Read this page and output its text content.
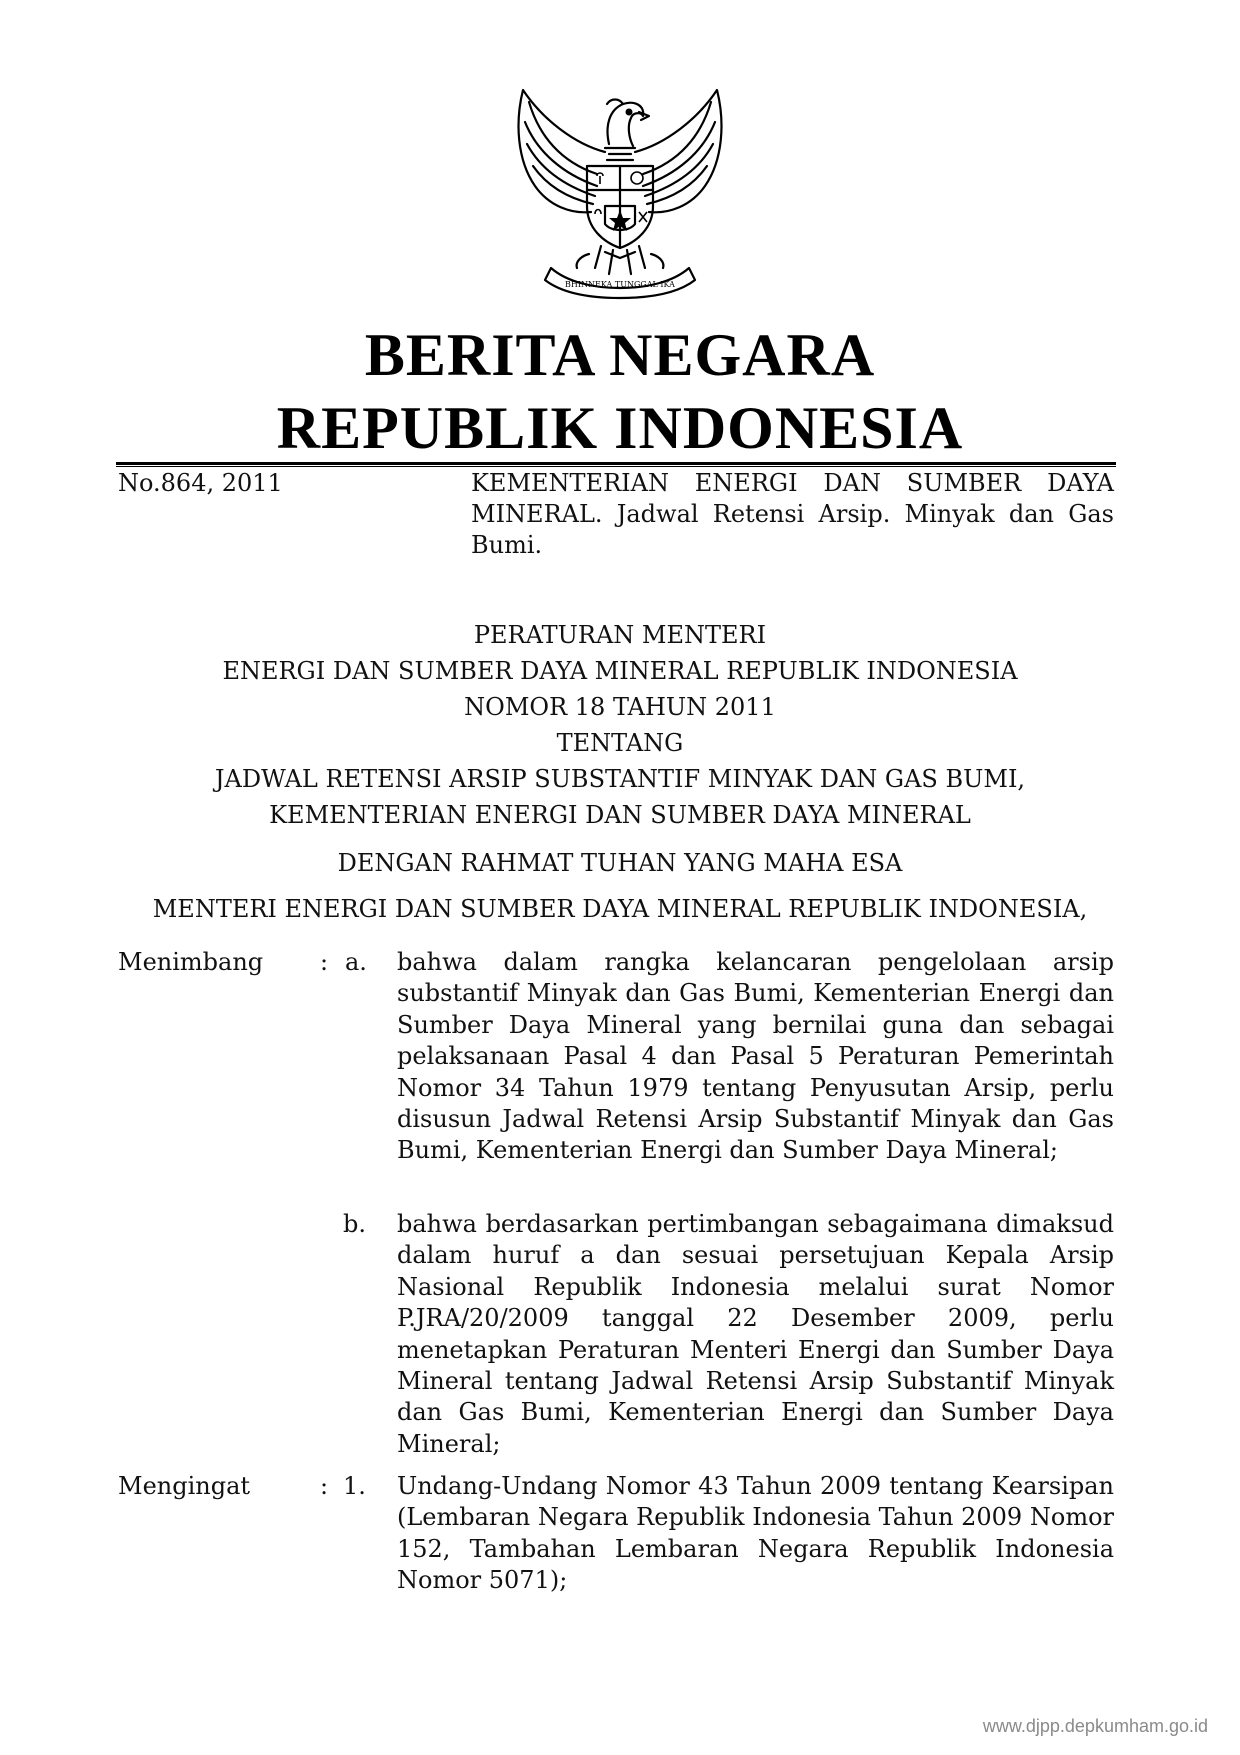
BHINNEKA TUNGGAL IKA
BERITA NEGARA
REPUBLIK INDONESIA
No.864, 2011	KEMENTERIAN ENERGI DAN SUMBER DAYA MINERAL. Jadwal Retensi Arsip. Minyak dan Gas Bumi.
PERATURAN MENTERI
ENERGI DAN SUMBER DAYA MINERAL REPUBLIK INDONESIA
NOMOR 18 TAHUN 2011
TENTANG
JADWAL RETENSI ARSIP SUBSTANTIF MINYAK DAN GAS BUMI,
KEMENTERIAN ENERGI DAN SUMBER DAYA MINERAL
DENGAN RAHMAT TUHAN YANG MAHA ESA
MENTERI ENERGI DAN SUMBER DAYA MINERAL REPUBLIK INDONESIA,
Menimbang : a. bahwa dalam rangka kelancaran pengelolaan arsip substantif Minyak dan Gas Bumi, Kementerian Energi dan Sumber Daya Mineral yang bernilai guna dan sebagai pelaksanaan Pasal 4 dan Pasal 5 Peraturan Pemerintah Nomor 34 Tahun 1979 tentang Penyusutan Arsip, perlu disusun Jadwal Retensi Arsip Substantif Minyak dan Gas Bumi, Kementerian Energi dan Sumber Daya Mineral;
b. bahwa berdasarkan pertimbangan sebagaimana dimaksud dalam huruf a dan sesuai persetujuan Kepala Arsip Nasional Republik Indonesia melalui surat Nomor P.JRA/20/2009 tanggal 22 Desember 2009, perlu menetapkan Peraturan Menteri Energi dan Sumber Daya Mineral tentang Jadwal Retensi Arsip Substantif Minyak dan Gas Bumi, Kementerian Energi dan Sumber Daya Mineral;
Mengingat	: 1. Undang-Undang Nomor 43 Tahun 2009 tentang Kearsipan (Lembaran Negara Republik Indonesia Tahun 2009 Nomor 152, Tambahan Lembaran Negara Republik Indonesia Nomor 5071);
www.djpp.depkumham.go.id
